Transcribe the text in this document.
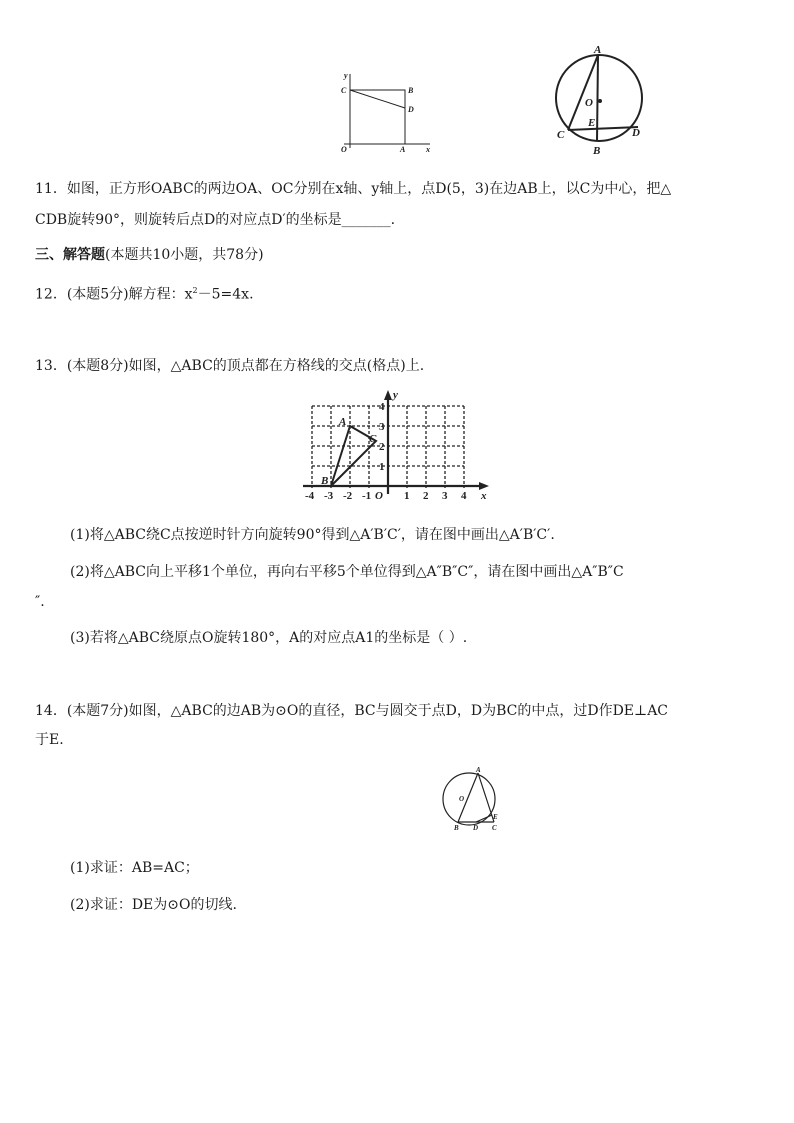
y
C	B
D
O	A	x
A
O
E
C	D
B
11．如图，正方形OABC的两边OA、OC分别在x轴、y轴上，点D(5，3)在边AB上，以C为中心，把△
CDB旋转90°，则旋转后点D的对应点D′的坐标是_______.
三、解答题(本题共10小题，共78分)
12．(本题5分)解方程：$x^2-5=4x$.
13．(本题8分)如图，△ABC的顶点都在方格线的交点(格点)上.
-4 -3 -2 -1 O 1 2 3 4
1
2
3
4
x
y
A
B
C
(1)将△ABC绕C点按逆时针方向旋转90°得到△A′B′C′，请在图中画出△A′B′C′.
(2)将△ABC向上平移1个单位，再向右平移5个单位得到△A″B″C″，请在图中画出△A″B″C
″.
(3)若将△ABC绕原点O旋转180°，A的对应点A1的坐标是（ ）.
14．(本题7分)如图，△ABC的边AB为⊙O的直径，BC与圆交于点D，D为BC的中点，过D作DE⊥AC
于E.
A
O
E
B D C
(1)求证：AB=AC；
(2)求证：DE为⊙O的切线.
